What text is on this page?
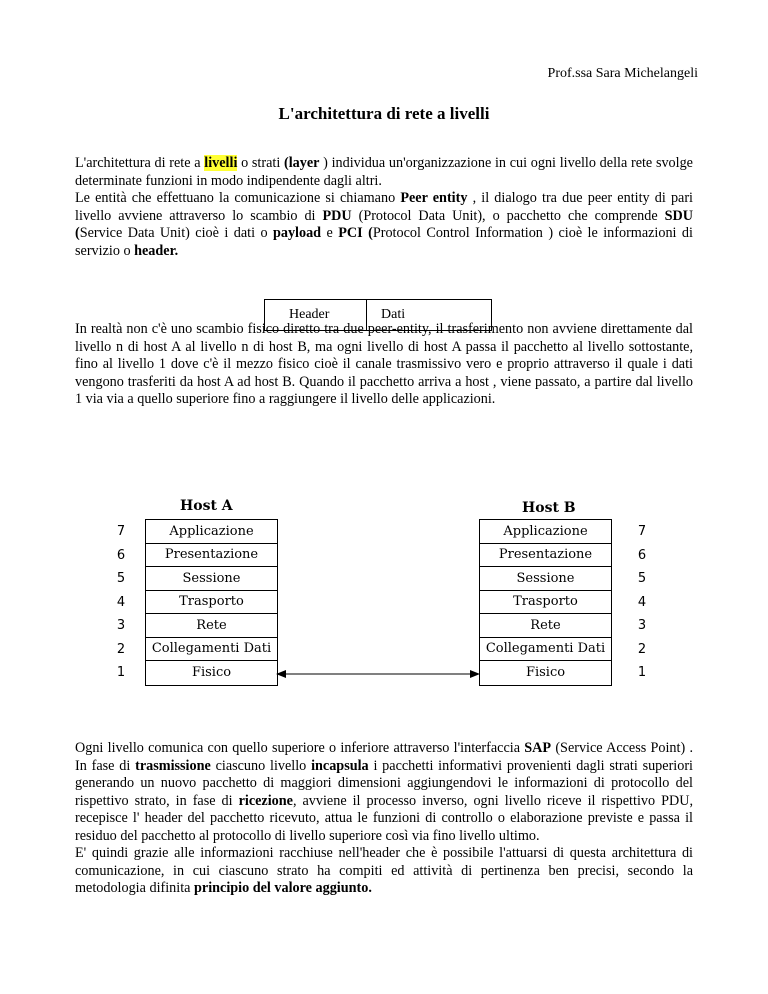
Prof.ssa Sara Michelangeli
L'architettura di rete a livelli
L'architettura di rete a livelli o strati (layer ) individua un'organizzazione in cui ogni livello della rete svolge determinate funzioni in modo indipendente dagli altri.
Le entità che effettuano la comunicazione si chiamano Peer entity , il dialogo tra due peer entity di pari livello avviene attraverso lo scambio di PDU (Protocol Data Unit), o pacchetto che comprende SDU (Service Data Unit) cioè i dati o payload e PCI (Protocol Control Information ) cioè le informazioni di servizio o header.
Header	Dati
In realtà non c'è uno scambio fisico diretto tra due peer-entity, il trasferimento non avviene direttamente dal livello n di host A al livello n di host B, ma ogni livello di host A passa il pacchetto al livello sottostante, fino al livello 1 dove c'è il mezzo fisico cioè il canale trasmissivo vero e proprio attraverso il quale i dati vengono trasferiti da host A ad host B. Quando il pacchetto arriva a host , viene passato, a partire dal livello 1 via via a quello superiore fino a raggiungere il livello delle applicazioni.
Host A	Host B
7
6
5
4
3
2
1
Applicazione
Presentazione
Sessione
Trasporto
Rete
Collegamenti Dati
Fisico
Applicazione
Presentazione
Sessione
Trasporto
Rete
Collegamenti Dati
Fisico
7
6
5
4
3
2
1
Ogni livello comunica con quello superiore o inferiore attraverso l'interfaccia SAP (Service Access Point) . In fase di trasmissione ciascuno livello incapsula i pacchetti informativi provenienti dagli strati superiori generando un nuovo pacchetto di maggiori dimensioni aggiungendovi le informazioni di protocollo del rispettivo strato, in fase di ricezione, avviene il processo inverso, ogni livello riceve il rispettivo PDU, recepisce l' header del pacchetto ricevuto, attua le funzioni di controllo o elaborazione previste e passa il residuo del pacchetto al protocollo di livello superiore così via fino livello ultimo.
E' quindi grazie alle informazioni racchiuse nell'header che è possibile l'attuarsi di questa architettura di comunicazione, in cui ciascuno strato ha compiti ed attività di pertinenza ben precisi, secondo la metodologia difinita principio del valore aggiunto.
